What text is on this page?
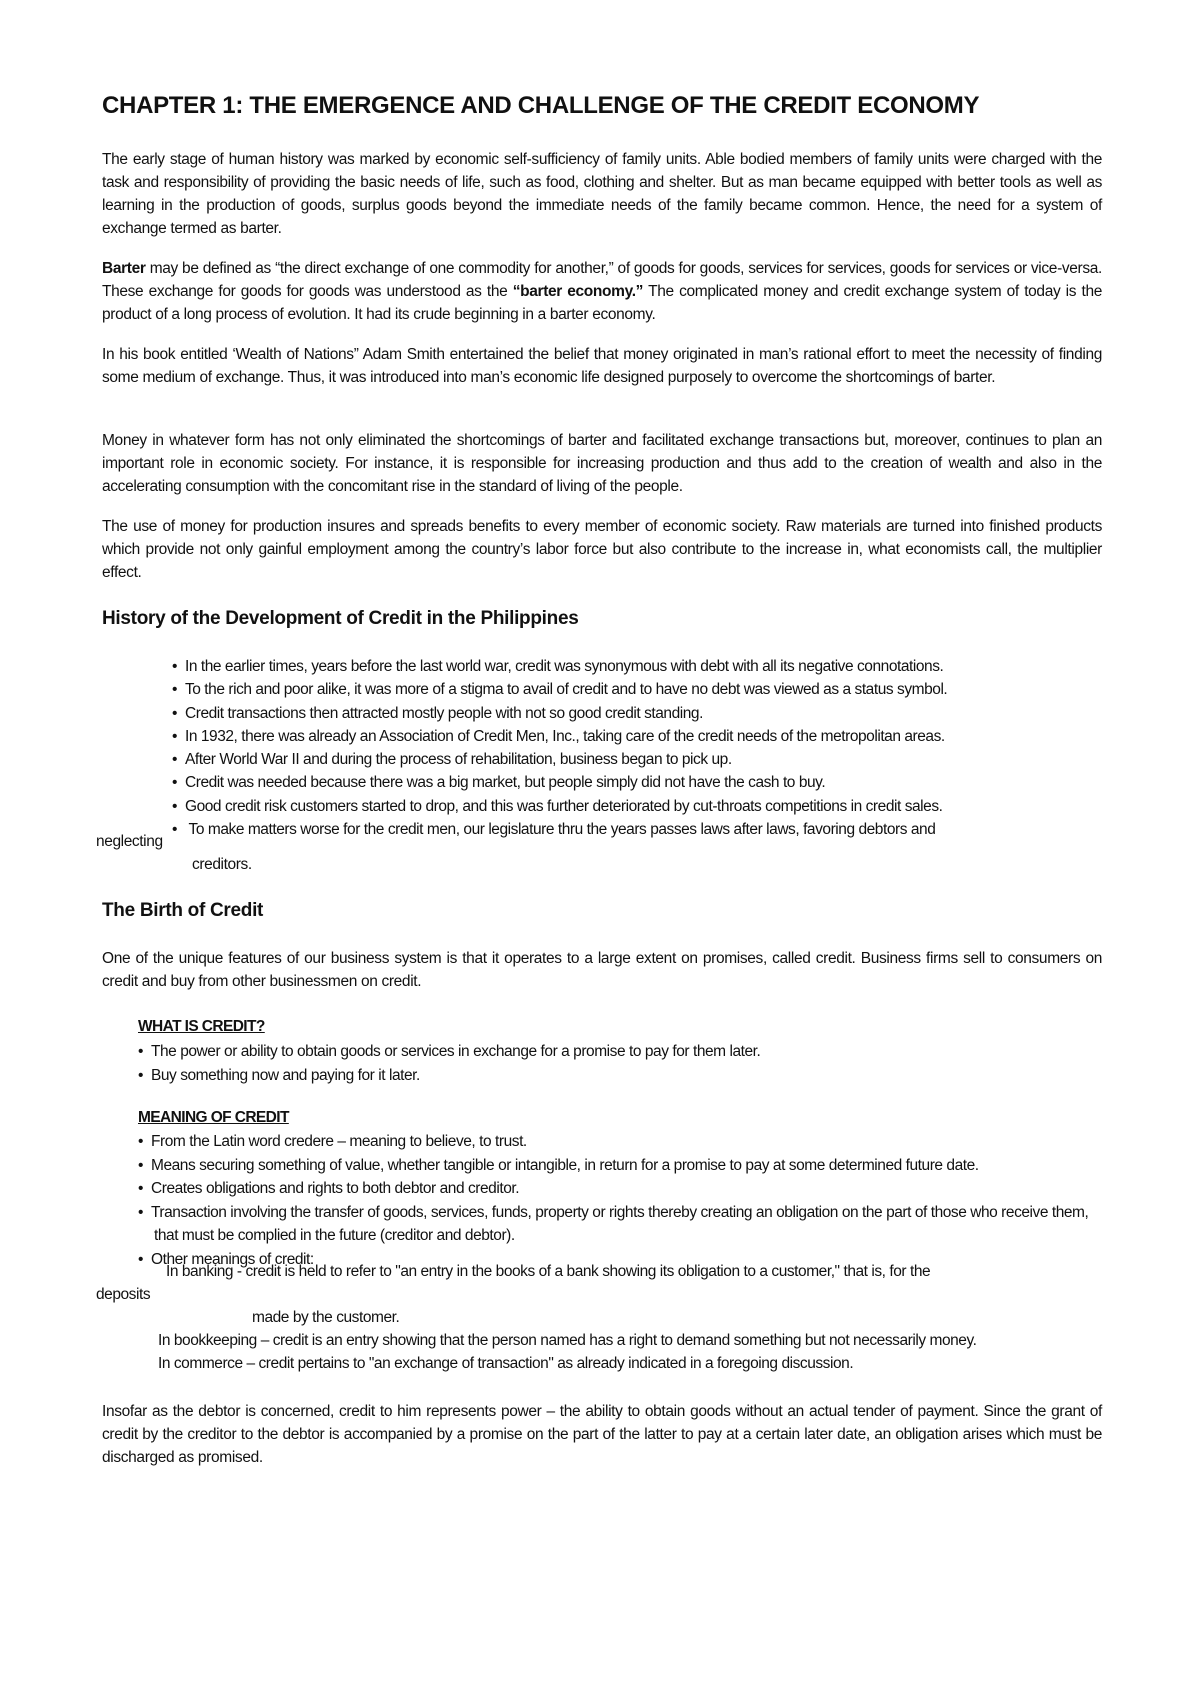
CHAPTER 1: THE EMERGENCE AND CHALLENGE OF THE CREDIT ECONOMY

The early stage of human history was marked by economic self-sufficiency of family units. Able bodied members of family units were charged with the task and responsibility of providing the basic needs of life, such as food, clothing and shelter. But as man became equipped with better tools as well as learning in the production of goods, surplus goods beyond the immediate needs of the family became common. Hence, the need for a system of exchange termed as barter.

Barter may be defined as “the direct exchange of one commodity for another,” of goods for goods, services for services, goods for services or vice-versa. These exchange for goods for goods was understood as the “barter economy.” The complicated money and credit exchange system of today is the product of a long process of evolution. It had its crude beginning in a barter economy.

In his book entitled ‘Wealth of Nations” Adam Smith entertained the belief that money originated in man’s rational effort to meet the necessity of finding some medium of exchange. Thus, it was introduced into man’s economic life designed purposely to overcome the shortcomings of barter.

Money in whatever form has not only eliminated the shortcomings of barter and facilitated exchange transactions but, moreover, continues to plan an important role in economic society. For instance, it is responsible for increasing production and thus add to the creation of wealth and also in the accelerating consumption with the concomitant rise in the standard of living of the people.

The use of money for production insures and spreads benefits to every member of economic society. Raw materials are turned into finished products which provide not only gainful employment among the country’s labor force but also contribute to the increase in, what economists call, the multiplier effect.

History of the Development of Credit in the Philippines
• In the earlier times, years before the last world war, credit was synonymous with debt with all its negative connotations.
• To the rich and poor alike, it was more of a stigma to avail of credit and to have no debt was viewed as a status symbol.
• Credit transactions then attracted mostly people with not so good credit standing.
• In 1932, there was already an Association of Credit Men, Inc., taking care of the credit needs of the metropolitan areas.
• After World War II and during the process of rehabilitation, business began to pick up.
• Credit was needed because there was a big market, but people simply did not have the cash to buy.
• Good credit risk customers started to drop, and this was further deteriorated by cut-throats competitions in credit sales.
• To make matters worse for the credit men, our legislature thru the years passes laws after laws, favoring debtors and

neglecting

creditors.

The Birth of Credit

One of the unique features of our business system is that it operates to a large extent on promises, called credit. Business firms sell to consumers on credit and buy from other businessmen on credit.

WHAT IS CREDIT?

• The power or ability to obtain goods or services in exchange for a promise to pay for them later.
• Buy something now and paying for it later.

MEANING OF CREDIT

• From the Latin word credere – meaning to believe, to trust.
• Means securing something of value, whether tangible or intangible, in return for a promise to pay at some determined future date.
• Creates obligations and rights to both debtor and creditor.
• Transaction involving the transfer of goods, services, funds, property or rights thereby creating an obligation on the part of those who receive them, that must be complied in the future (creditor and debtor).
• Other meanings of credit:

In banking - credit is held to refer to "an entry in the books of a bank showing its obligation to a customer," that is, for the

deposits

made by the customer.

In bookkeeping – credit is an entry showing that the person named has a right to demand something but not necessarily money.

In commerce – credit pertains to "an exchange of transaction" as already indicated in a foregoing discussion.

Insofar as the debtor is concerned, credit to him represents power – the ability to obtain goods without an actual tender of payment. Since the grant of credit by the creditor to the debtor is accompanied by a promise on the part of the latter to pay at a certain later date, an obligation arises which must be discharged as promised.
